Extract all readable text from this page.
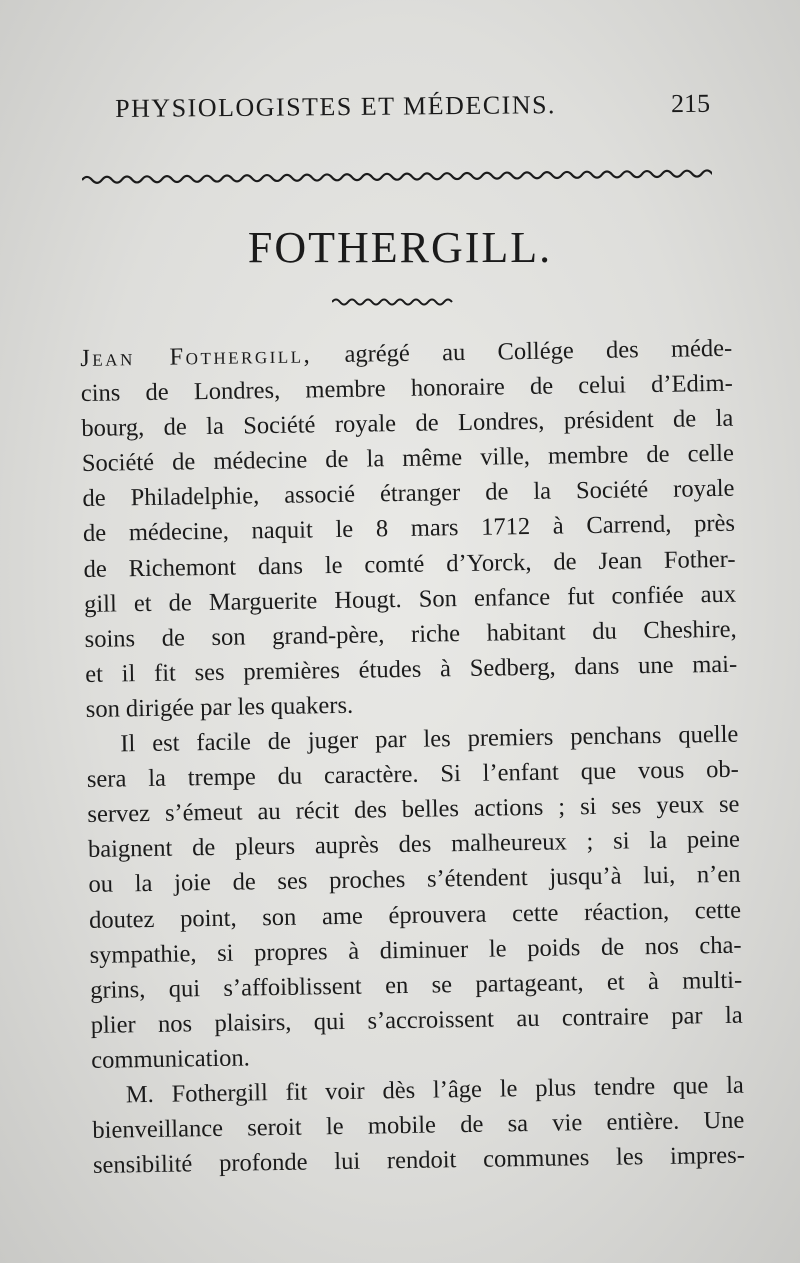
PHYSIOLOGISTES ET MÉDECINS.	215
FOTHERGILL.
Jean Fothergill, agrégé au Collége des méde-
cins de Londres, membre honoraire de celui d’Edim-
bourg, de la Société royale de Londres, président de la
Société de médecine de la même ville, membre de celle
de Philadelphie, associé étranger de la Société royale
de médecine, naquit le 8 mars 1712 à Carrend, près
de Richemont dans le comté d’Yorck, de Jean Fother-
gill et de Marguerite Hougt. Son enfance fut confiée aux
soins de son grand-père, riche habitant du Cheshire,
et il fit ses premières études à Sedberg, dans une mai-
son dirigée par les quakers.
Il est facile de juger par les premiers penchans quelle
sera la trempe du caractère. Si l’enfant que vous ob-
servez s’émeut au récit des belles actions ; si ses yeux se
baignent de pleurs auprès des malheureux ; si la peine
ou la joie de ses proches s’étendent jusqu’à lui, n’en
doutez point, son ame éprouvera cette réaction, cette
sympathie, si propres à diminuer le poids de nos cha-
grins, qui s’affoiblissent en se partageant, et à multi-
plier nos plaisirs, qui s’accroissent au contraire par la
communication.
M. Fothergill fit voir dès l’âge le plus tendre que la
bienveillance seroit le mobile de sa vie entière. Une
sensibilité profonde lui rendoit communes les impres-
